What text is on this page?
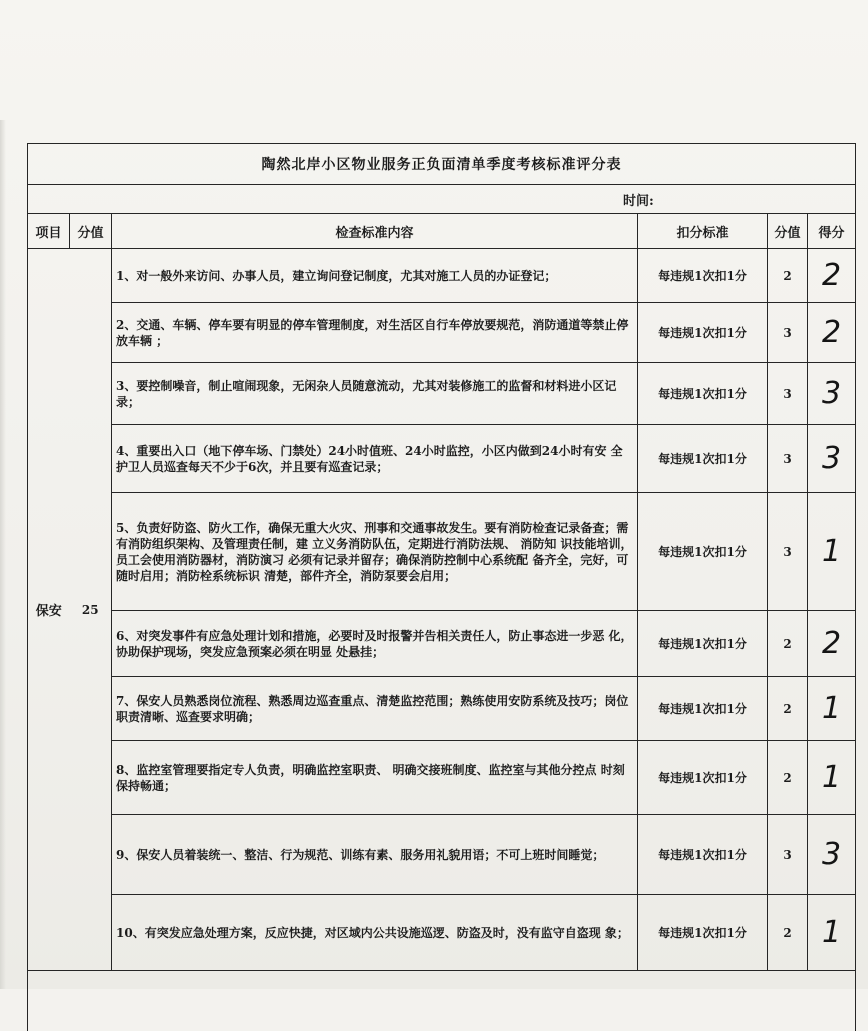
陶然北岸小区物业服务正负面清单季度考核标准评分表					
时间:					
项目	分值	检查标准内容	扣分标准	分值	得分
保安	25	1、对一般外来访问、办事人员，建立询问登记制度，尤其对施工人员的办证登记；	每违规1次扣1分	2	2
		2、交通、车辆、停车要有明显的停车管理制度，对生活区自行车停放要规范，消防通道等禁止停放车辆 ；	每违规1次扣1分	3	2
		3、要控制噪音，制止喧闹现象，无闲杂人员随意流动，尤其对装修施工的监督和材料进小区记录；	每违规1次扣1分	3	3
		4、重要出入口（地下停车场、门禁处）24小时值班、24小时监控，小区内做到24小时有安 全护卫人员巡查每天不少于6次，并且要有巡查记录；	每违规1次扣1分	3	3
		5、负责好防盗、防火工作，确保无重大火灾、刑事和交通事故发生。要有消防检查记录备查；需有消防组织架构、及管理责任制，建 立义务消防队伍，定期进行消防法规、 消防知 识技能培训，员工会使用消防器材，消防演习 必须有记录并留存；确保消防控制中心系统配 备齐全，完好，可随时启用；消防栓系统标识 清楚，部件齐全，消防泵要会启用；	每违规1次扣1分	3	1
		6、对突发事件有应急处理计划和措施，必要时及时报警并告相关责任人，防止事态进一步恶 化，协助保护现场，突发应急预案必须在明显 处悬挂；	每违规1次扣1分	2	2
		7、保安人员熟悉岗位流程、熟悉周边巡查重点、清楚监控范围；熟练使用安防系统及技巧；岗位职责清晰、巡查要求明确；	每违规1次扣1分	2	1
		8、监控室管理要指定专人负责，明确监控室职责、 明确交接班制度、监控室与其他分控点 时刻保持畅通；	每违规1次扣1分	2	1
		9、保安人员着装统一、整洁、行为规范、训练有素、服务用礼貌用语；不可上班时间睡觉；	每违规1次扣1分	3	3
		10、有突发应急处理方案，反应快捷，对区域内公共设施巡逻、防盗及时，没有监守自盗现 象；	每违规1次扣1分	2	1
